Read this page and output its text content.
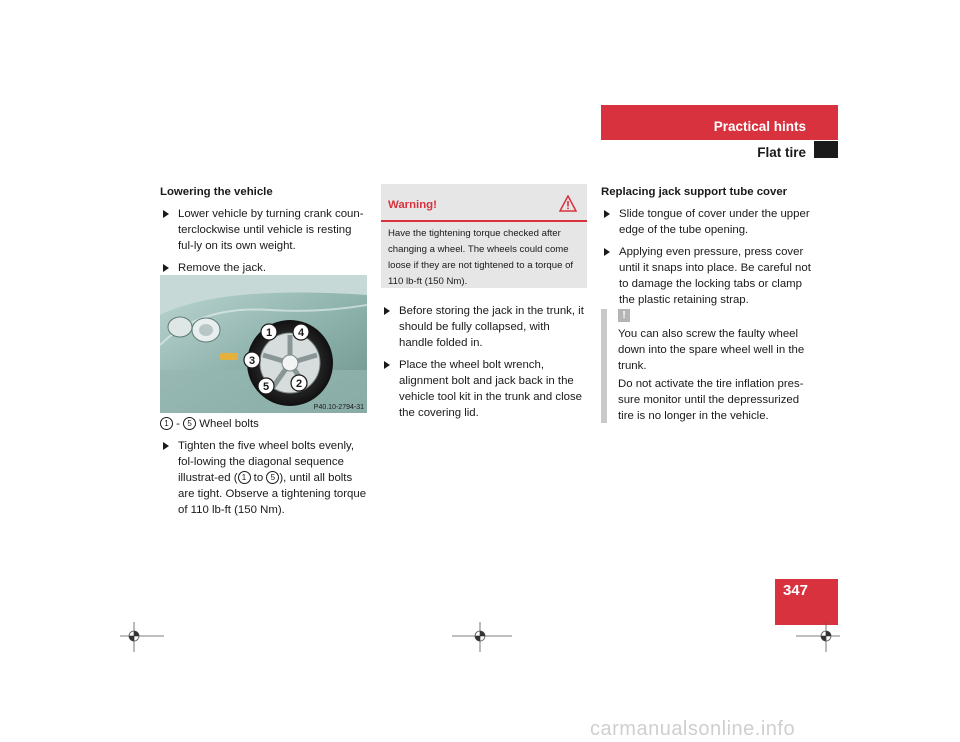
Practical hints
Flat tire

Lowering the vehicle

Lower vehicle by turning crank coun-terclockwise until vehicle is resting ful-ly on its own weight.

Remove the jack.

1 4
3
5 2
P40.10-2794-31

1 - 5 Wheel bolts

Tighten the five wheel bolts evenly, fol-lowing the diagonal sequence illustrat-ed ( 1 to 5 ), until all bolts are tight. Observe a tightening torque of 110 lb-ft (150 Nm).

Warning!
Have the tightening torque checked after changing a wheel. The wheels could come loose if they are not tightened to a torque of 110 lb-ft (150 Nm).

Before storing the jack in the trunk, it should be fully collapsed, with handle folded in.

Place the wheel bolt wrench, alignment bolt and jack back in the vehicle tool kit in the trunk and close the covering lid.

Replacing jack support tube cover

Slide tongue of cover under the upper edge of the tube opening.

Applying even pressure, press cover until it snaps into place. Be careful not to damage the locking tabs or clamp the plastic retaining strap.

!

You can also screw the faulty wheel down into the spare wheel well in the trunk.

Do not activate the tire inflation pres-sure monitor until the depressurized tire is no longer in the vehicle.

347
carmanualsonline.info
